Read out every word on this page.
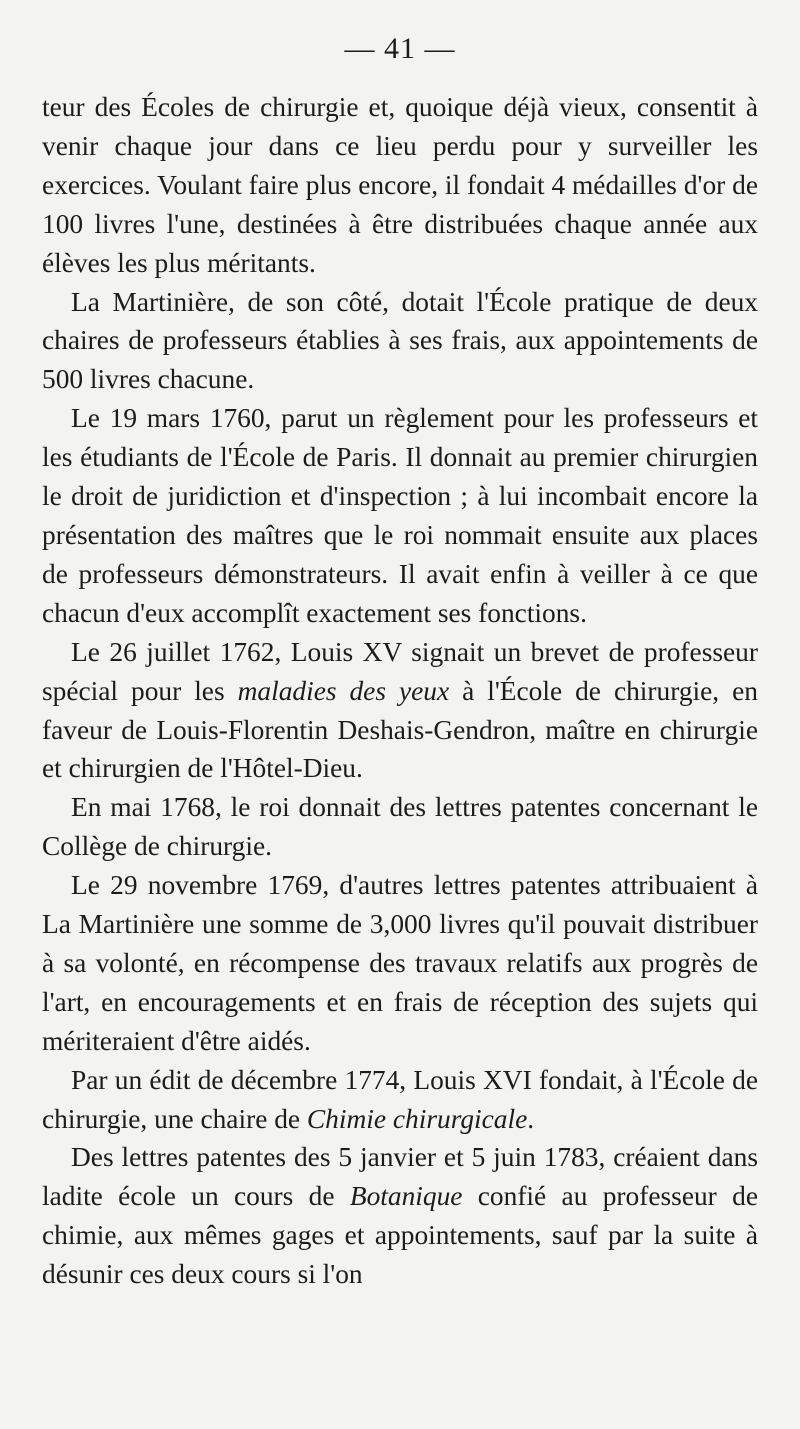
— 41 —

teur des Écoles de chirurgie et, quoique déjà vieux, consentit à venir chaque jour dans ce lieu perdu pour y surveiller les exercices. Voulant faire plus encore, il fondait 4 médailles d'or de 100 livres l'une, destinées à être distribuées chaque année aux élèves les plus méritants.

La Martinière, de son côté, dotait l'École pratique de deux chaires de professeurs établies à ses frais, aux appointements de 500 livres chacune.

Le 19 mars 1760, parut un règlement pour les professeurs et les étudiants de l'École de Paris. Il donnait au premier chirurgien le droit de juridiction et d'inspection ; à lui incombait encore la présentation des maîtres que le roi nommait ensuite aux places de professeurs démonstrateurs. Il avait enfin à veiller à ce que chacun d'eux accomplît exactement ses fonctions.

Le 26 juillet 1762, Louis XV signait un brevet de professeur spécial pour les maladies des yeux à l'École de chirurgie, en faveur de Louis-Florentin Deshais-Gendron, maître en chirurgie et chirurgien de l'Hôtel-Dieu.

En mai 1768, le roi donnait des lettres patentes concernant le Collège de chirurgie.

Le 29 novembre 1769, d'autres lettres patentes attribuaient à La Martinière une somme de 3,000 livres qu'il pouvait distribuer à sa volonté, en récompense des travaux relatifs aux progrès de l'art, en encouragements et en frais de réception des sujets qui mériteraient d'être aidés.

Par un édit de décembre 1774, Louis XVI fondait, à l'École de chirurgie, une chaire de Chimie chirurgicale.

Des lettres patentes des 5 janvier et 5 juin 1783, créaient dans ladite école un cours de Botanique confié au professeur de chimie, aux mêmes gages et appointements, sauf par la suite à désunir ces deux cours si l'on
